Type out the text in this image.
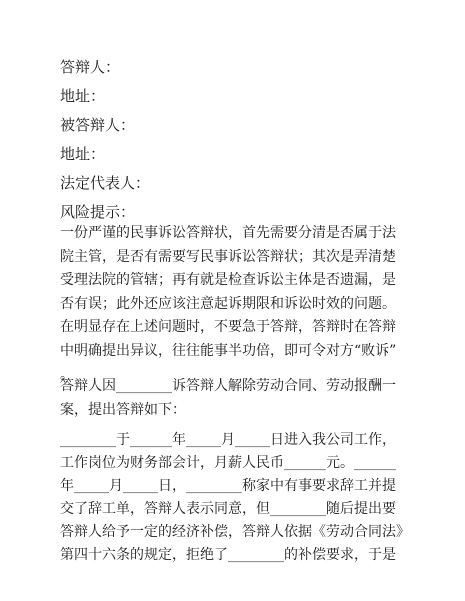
答辩人：
地址：
被答辩人：
地址：
法定代表人：
风险提示：
一份严谨的民事诉讼答辩状，首先需要分清是否属于法
院主管，是否有需要写民事诉讼答辩状；其次是弄清楚
受理法院的管辖；再有就是检查诉讼主体是否遗漏，是
否有误；此外还应该注意起诉期限和诉讼时效的问题。
在明显存在上述问题时，不要急于答辩，答辩时在答辩
中明确提出异议，往往能事半功倍，即可令对方“败诉”
。
答辩人因________诉答辩人解除劳动合同、劳动报酬一
案，提出答辩如下：
________于______年_____月_____日进入我公司工作，
工作岗位为财务部会计，月薪人民币______元。______
年_____月_____日，________称家中有事要求辞工并提
交了辞工单，答辩人表示同意，但________随后提出要
答辩人给予一定的经济补偿，答辩人依据《劳动合同法》
第四十六条的规定，拒绝了________的补偿要求，于是
